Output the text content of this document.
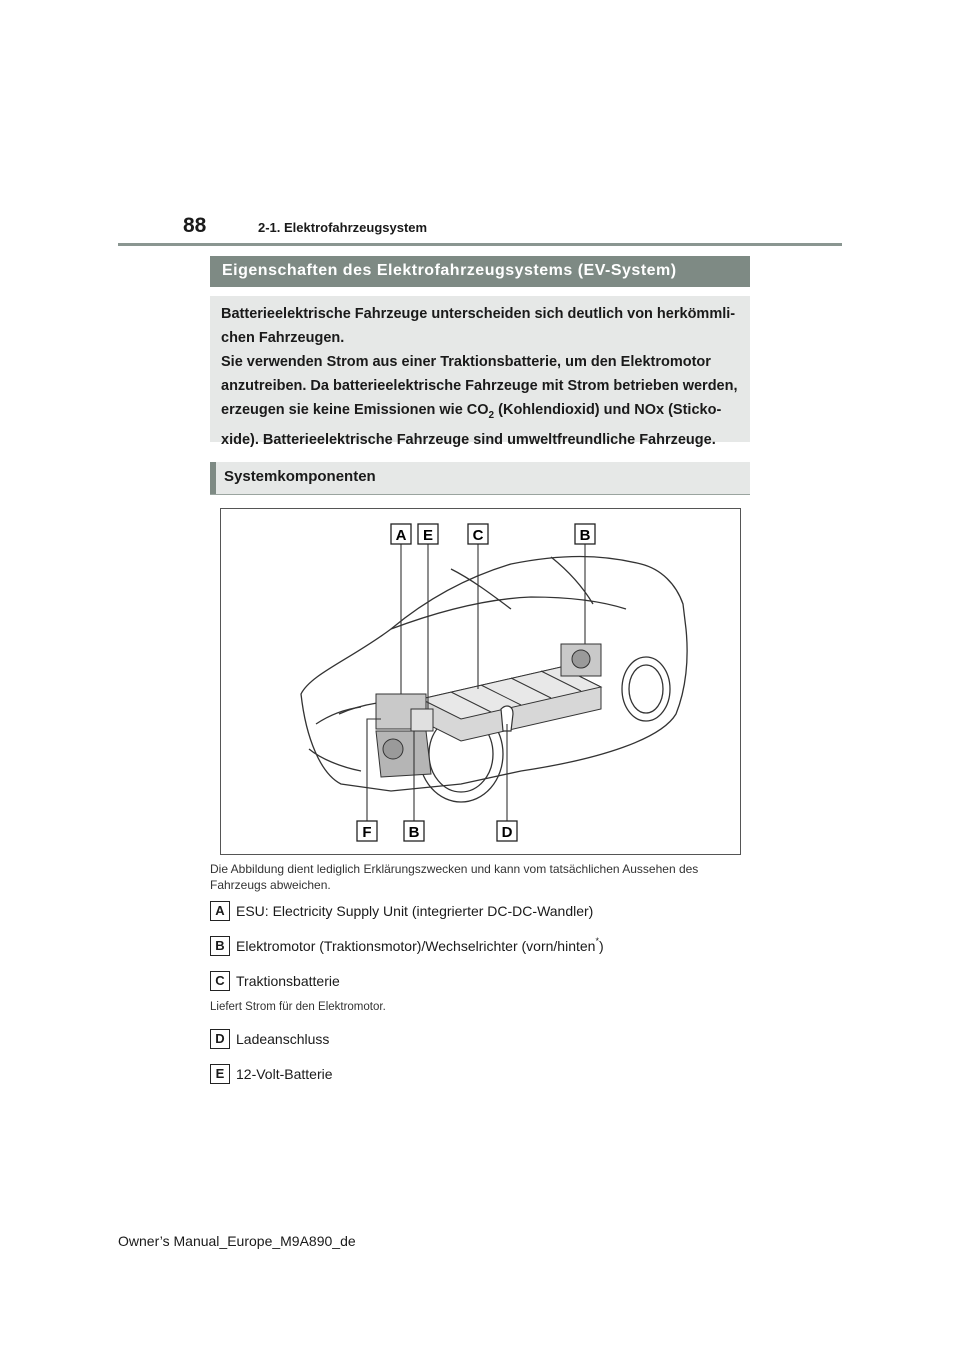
88	2-1. Elektrofahrzeugsystem
Eigenschaften des Elektrofahrzeugsystems (EV-System)
Batterieelektrische Fahrzeuge unterscheiden sich deutlich von herkömmli-chen Fahrzeugen.
Sie verwenden Strom aus einer Traktionsbatterie, um den Elektromotor anzutreiben. Da batterieelektrische Fahrzeuge mit Strom betrieben werden, erzeugen sie keine Emissionen wie $CO_2$ (Kohlendioxid) und NOx (Sticko-xide). Batterieelektrische Fahrzeuge sind umweltfreundliche Fahrzeuge.
Systemkomponenten
A E	C	B
F B	D
Die Abbildung dient lediglich Erklärungszwecken und kann vom tatsächlichen Aussehen des Fahrzeugs abweichen.
A ESU: Electricity Supply Unit (integrierter DC-DC-Wandler)
B Elektromotor (Traktionsmotor)/Wechselrichter (vorn/hinten*)
C Traktionsbatterie
Liefert Strom für den Elektromotor.
D Ladeanschluss
E 12-Volt-Batterie
Owner’s Manual_Europe_M9A890_de
